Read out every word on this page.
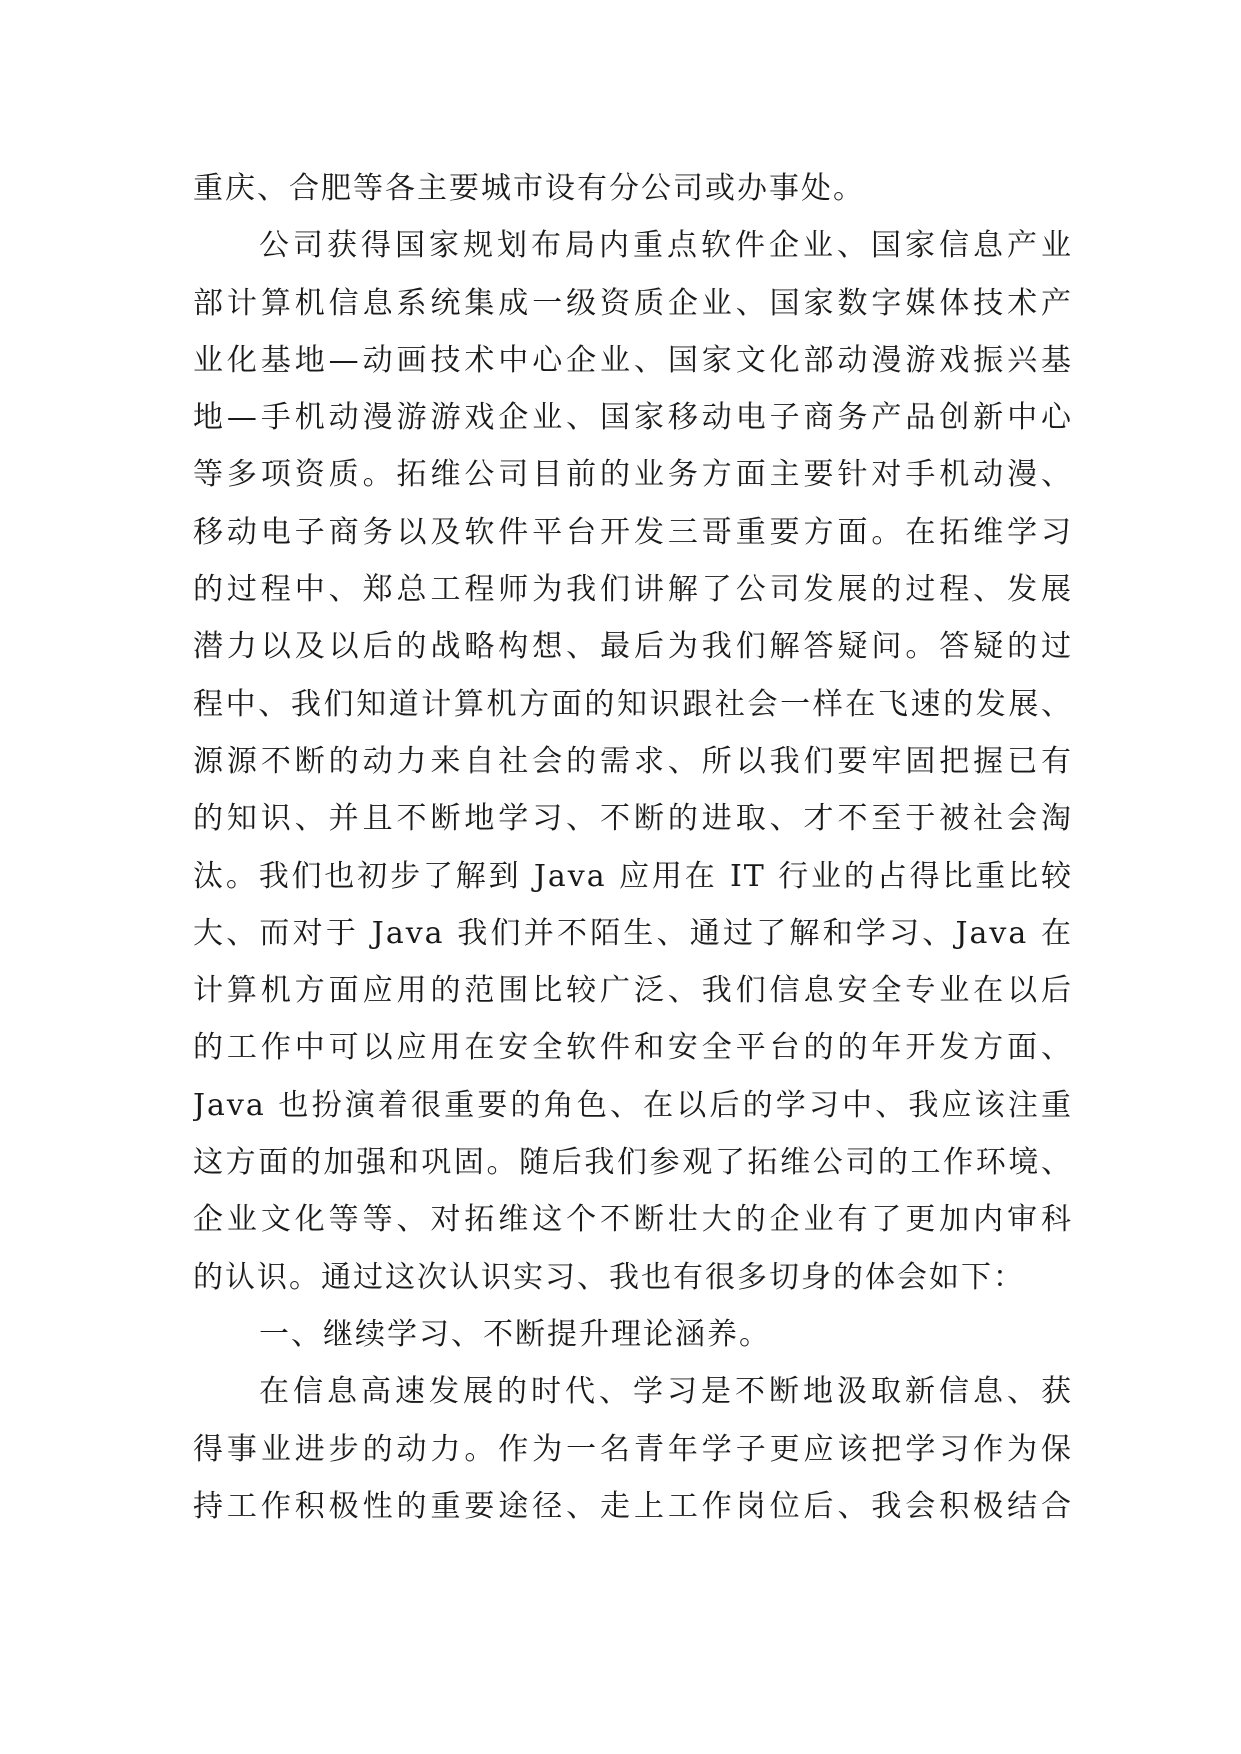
重庆、合肥等各主要城市设有分公司或办事处。
公司获得国家规划布局内重点软件企业、国家信息产业
部计算机信息系统集成一级资质企业、国家数字媒体技术产
业化基地—动画技术中心企业、国家文化部动漫游戏振兴基
地—手机动漫游游戏企业、国家移动电子商务产品创新中心
等多项资质。拓维公司目前的业务方面主要针对手机动漫、
移动电子商务以及软件平台开发三哥重要方面。在拓维学习
的过程中、郑总工程师为我们讲解了公司发展的过程、发展
潜力以及以后的战略构想、最后为我们解答疑问。答疑的过
程中、我们知道计算机方面的知识跟社会一样在飞速的发展、
源源不断的动力来自社会的需求、所以我们要牢固把握已有
的知识、并且不断地学习、不断的进取、才不至于被社会淘
汰。我们也初步了解到 Java 应用在 IT 行业的占得比重比较
大、而对于 Java 我们并不陌生、通过了解和学习、Java 在
计算机方面应用的范围比较广泛、我们信息安全专业在以后
的工作中可以应用在安全软件和安全平台的的年开发方面、
Java 也扮演着很重要的角色、在以后的学习中、我应该注重
这方面的加强和巩固。随后我们参观了拓维公司的工作环境、
企业文化等等、对拓维这个不断壮大的企业有了更加内审科
的认识。通过这次认识实习、我也有很多切身的体会如下：
一、继续学习、不断提升理论涵养。
在信息高速发展的时代、学习是不断地汲取新信息、获
得事业进步的动力。作为一名青年学子更应该把学习作为保
持工作积极性的重要途径、走上工作岗位后、我会积极结合
